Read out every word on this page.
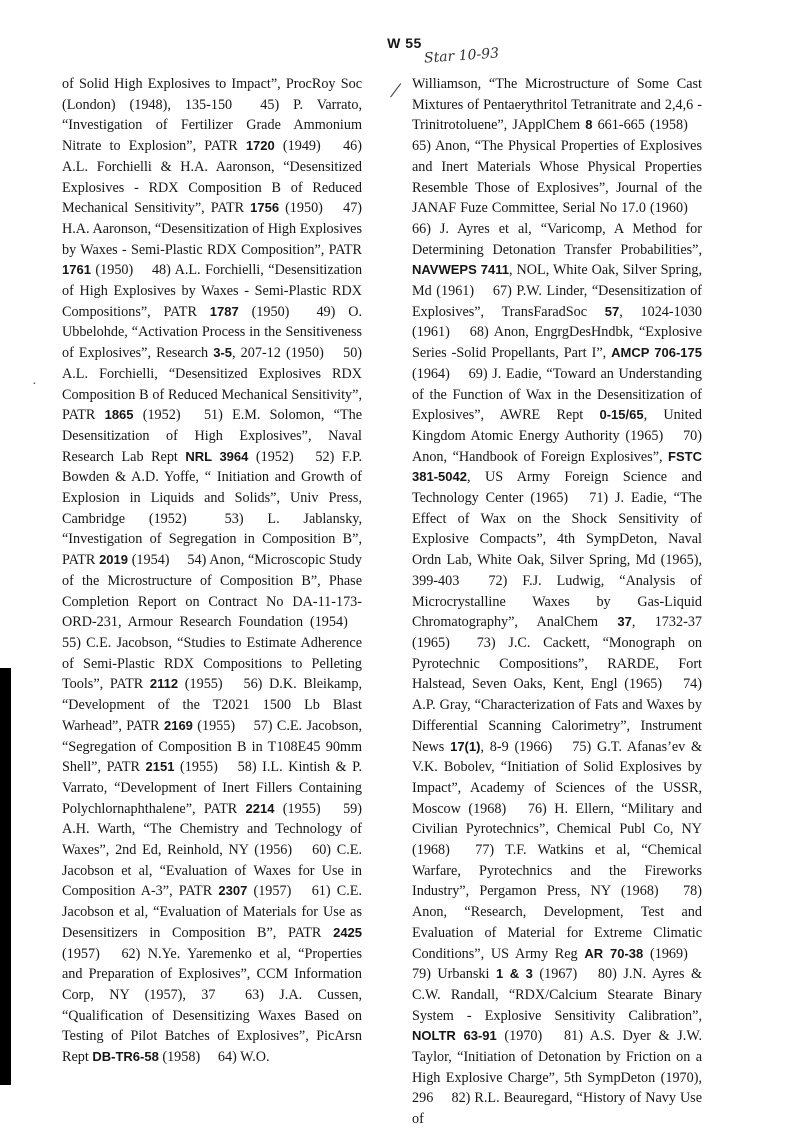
W 55
Star 10-93
/
·
of Solid High Explosives to Impact”, ProcRoy Soc (London) (1948), 135-150  45) P. Varrato, “Investigation of Fertilizer Grade Ammonium Nitrate to Explosion”, PATR 1720 (1949)  46) A.L. Forchielli & H.A. Aaronson, “Desensitized Explosives - RDX Composition B of Reduced Mechanical Sensitivity”, PATR 1756 (1950)  47) H.A. Aaronson, “Desensitization of High Explosives by Waxes - Semi-Plastic RDX Composition”, PATR 1761 (1950)  48) A.L. Forchielli, “Desensitization of High Explosives by Waxes - Semi-Plastic RDX Compositions”, PATR 1787 (1950)  49) O. Ubbelohde, “Activation Process in the Sensitiveness of Explosives”, Research 3-5, 207-12 (1950)  50) A.L. Forchielli, “Desensitized Explosives RDX Composition B of Reduced Mechanical Sensitivity”, PATR 1865 (1952)  51) E.M. Solomon, “The Desensitization of High Explosives”, Naval Research Lab Rept NRL 3964 (1952)  52) F.P. Bowden & A.D. Yoffe, “ Initiation and Growth of Explosion in Liquids and Solids”, Univ Press, Cambridge (1952) 	53) L. Jablansky, “Investigation of Segregation in Composition B”, PATR 2019 (1954)  54) Anon, “Microscopic Study of the Microstructure of Composition B”, Phase Completion Report on Contract No DA-11-173-ORD-231, Armour Research Foundation (1954)  55) C.E. Jacobson, “Studies to Estimate Adherence of Semi-Plastic RDX Compositions to Pelleting Tools”, PATR 2112 (1955)  56) D.K. Bleikamp, “Development of the T2021 1500 Lb Blast Warhead”, PATR 2169 (1955)  57) C.E. Jacobson, “Segregation of Composition B in T108E45 90mm Shell”, PATR 2151 (1955)  58) I.L. Kintish & P. Varrato, “Development of Inert Fillers Containing Polychlornaphthalene”, PATR 2214 (1955)  59) A.H. Warth, “The Chemistry and Technology of Waxes”, 2nd Ed, Reinhold, NY (1956)  60) C.E. Jacobson et al, “Evaluation of Waxes for Use in Composition A-3”, PATR 2307 (1957)  61) C.E. Jacobson et al, “Evaluation of Materials for Use as Desensitizers in Composition B”, PATR 2425 (1957)  62) N.Ye. Yaremenko et al, “Properties and Preparation of Explosives”, CCM Information Corp, NY (1957), 37  63) J.A. Cussen, “Qualification of Desensitizing Waxes Based on Testing of Pilot Batches of Explosives”, PicArsn Rept DB-TR6-58 (1958)  64) W.O. 
Williamson, “The Microstructure of Some Cast Mixtures of Pentaerythritol Tetranitrate and 2,4,6 - Trinitrotoluene”, JApplChem 8 661-665 (1958)  65) Anon, “The Physical Properties of Explosives and Inert Materials Whose Physical Properties Resemble Those of Explosives”, Journal of the JANAF Fuze Committee, Serial No 17.0 (1960)  66) J. Ayres et al, “Varicomp, A Method for Determining Detonation Transfer Probabilities”, NAVWEPS 7411, NOL, White Oak, Silver Spring, Md (1961)  67) P.W. Linder, “Desensitization of Explosives”, TransFaradSoc 57, 1024-1030 (1961)  68) Anon, EngrgDesHndbk, “Explosive Series -Solid Propellants, Part I”, AMCP 706-175 (1964)  69) J. Eadie, “Toward an Understanding of the Function of Wax in the Desensitization of Explosives”, AWRE Rept 0-15/65, United Kingdom Atomic Energy Authority (1965)  70) Anon, “Handbook of Foreign Explosives”, FSTC 381-5042, US Army Foreign Science and Technology Center (1965)  71) J. Eadie, “The Effect of Wax on the Shock Sensitivity of Explosive Compacts”, 4th SympDeton, Naval Ordn Lab, White Oak, Silver Spring, Md (1965), 399-403  72) F.J. Ludwig, “Analysis of Microcrystalline Waxes by Gas-Liquid Chromatography”, AnalChem 37, 1732-37 (1965)  73) J.C. Cackett, “Monograph on Pyrotechnic Compositions”, RARDE, Fort Halstead, Seven Oaks, Kent, Engl (1965)  74) A.P. Gray, “Characterization of Fats and Waxes by Differential Scanning Calorimetry”, Instrument News 17(1), 8-9 (1966)  75) G.T. Afanas’ev & V.K. Bobolev, “Initiation of Solid Explosives by Impact”, Academy of Sciences of the USSR, Moscow (1968)  76) H. Ellern, “Military and Civilian Pyrotechnics”, Chemical Publ Co, NY (1968)  77) T.F. Watkins et al, “Chemical Warfare, Pyrotechnics and the Fireworks Industry”, Pergamon Press, NY (1968)  78) Anon, “Research, Development, Test and Evaluation of Material for Extreme Climatic Conditions”, US Army Reg AR 70-38 (1969)  79) Urbanski 1 & 3 (1967)  80) J.N. Ayres & C.W. Randall, “RDX/Calcium Stearate Binary System - Explosive Sensitivity Calibration”, NOLTR 63-91 (1970)  81) A.S. Dyer & J.W. Taylor, “Initiation of Detonation by Friction on a High Explosive Charge”, 5th SympDeton (1970), 296  82) R.L. Beauregard, “History of Navy Use of 
